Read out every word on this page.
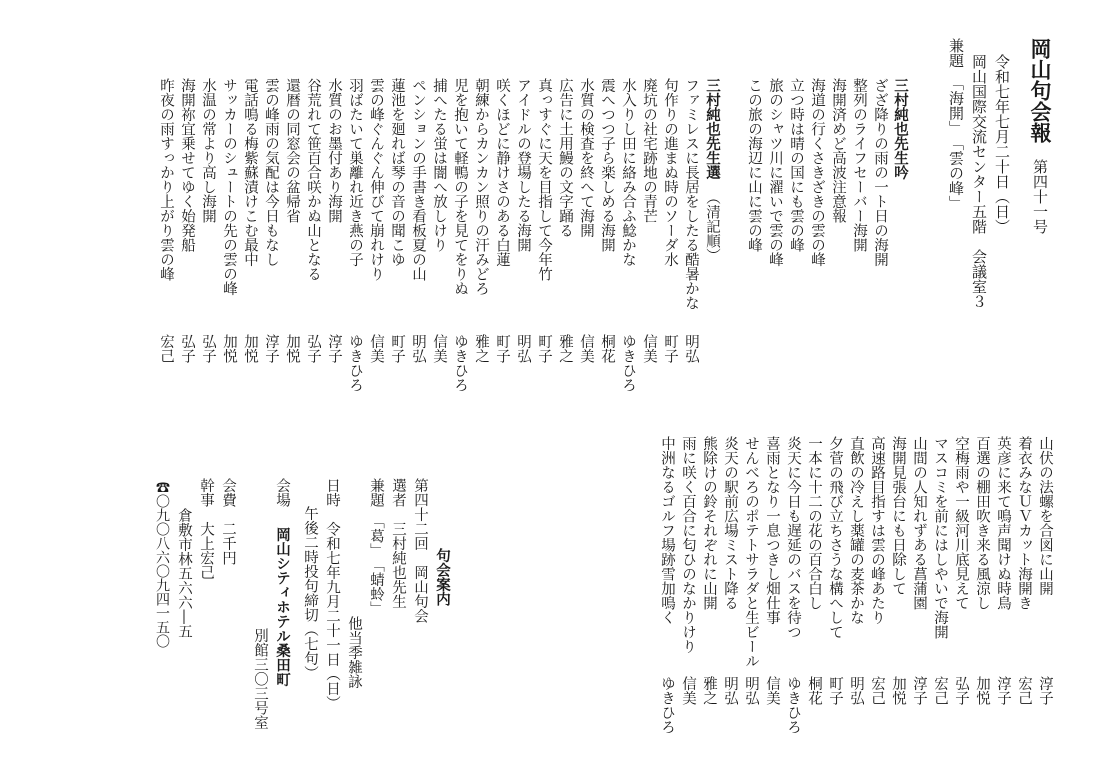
岡山句会報第四十一号
令和七年七月二十日（日）
岡山国際交流センター五階　会議室３
兼題　「海開」　「雲の峰」
三村純也先生吟
ざざ降りの雨の一ト日の海開
整列のライフセーバー海開
海開済めど高波注意報
海道の行くさきざきの雲の峰
立つ時は晴の国にも雲の峰
旅のシャツ川に濯いで雲の峰
この旅の海辺に山に雲の峰
三村純也先生選（清記順）
ファミレスに長居をしたる酷暑かな
句作りの進まぬ時のソーダ水
廃坑の社宅跡地の青芒
水入りし田に絡み合ふ鯰かな
震へつつ子ら楽しめる海開
水質の検査を終へて海開
広告に土用鰻の文字踊る
真っすぐに天を目指して今年竹
アイドルの登場したる海開
咲くほどに静けさのある白蓮
朝練からカンカン照りの汗みどろ
児を抱いて軽鴨の子を見てをりぬ
捕へたる蛍は闇へ放しけり
ペンションの手書き看板夏の山
蓮池を廻れば琴の音の聞こゆ
雲の峰ぐんぐん伸びて崩れけり
羽ばたいて巣離れ近き燕の子
水質のお墨付あり海開
谷荒れて笹百合咲かぬ山となる
還暦の同窓会の盆帰省
雲の峰雨の気配は今日もなし
電話鳴る梅紫蘇漬けこむ最中
サッカーのシュートの先の雲の峰
水温の常より高し海開
海開祢宜乗せてゆく始発船
昨夜の雨すっかり上がり雲の峰
明弘
町子
信美
ゆきひろ
桐花
信美
雅之
町子
明弘
町子
雅之
ゆきひろ
信美
明弘
町子
信美
ゆきひろ
淳子
弘子
加悦
淳子
加悦
加悦
弘子
弘子
宏己
山伏の法螺を合図に山開
着衣みなＵＶカット海開き
英彦に来て鳴声聞けぬ時鳥
百選の棚田吹き来る風涼し
空梅雨や一級河川底見えて
マスコミを前にはしやいで海開
山間の人知れずある菖蒲園
海開見張台にも日除して
高速路目指すは雲の峰あたり
直飲の冷えし薬罐の麦茶かな
夕菅の飛び立ちさうな構へして
一本に十二の花の百合白し
炎天に今日も遅延のバスを待つ
喜雨となり一息つきし畑仕事
せんべろのポテトサラダと生ビール
炎天の駅前広場ミスト降る
熊除けの鈴それぞれに山開
雨に咲く百合に匂ひのなかりけり
中洲なるゴルフ場跡雪加鳴く
淳子
宏己
淳子
加悦
弘子
宏己
淳子
加悦
宏己
明弘
町子
桐花
ゆきひろ
信美
明弘
明弘
雅之
信美
ゆきひろ
句会案内
第四十二回　岡山句会
選者　三村純也先生
兼題　「葛」　「蜻蛉」
他当季雑詠
日時　令和七年九月二十一日（日）
午後二時投句締切（七句）
会場岡山シティホテル桑田町
別館三〇三号室
会費　二千円
幹事　大上宏己
倉敷市林五六六―五
☎〇九〇八六〇九四一五〇
